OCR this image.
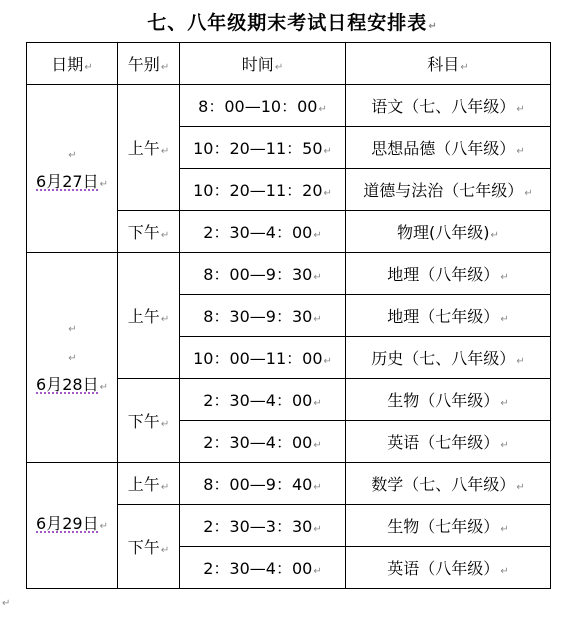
七、八年级期末考试日程安排表↵
日期↵	午别↵	时间↵	科目↵

↵
6月27日↵	上午↵	8：00—10：00↵	语文（七、八年级）↵
		10：20—11：50↵	思想品德（八年级）↵
		10：20—11：20↵	道德与法治（七年级）↵
	下午↵	2：30—4：00↵	物理(八年级)↵

↵
↵
6月28日↵	上午↵	8：00—9：30↵	地理（八年级）↵
		8：30—9：30↵	地理（七年级）↵
		10：00—11：00↵	历史（七、八年级）↵
	下午↵	2：30—4：00↵	生物（八年级）↵
		2：30—4：00↵	英语（七年级）↵

6月29日↵	上午↵	8：00—9：40↵	数学（七、八年级）↵
	下午↵	2：30—3：30↵	生物（七年级）↵
		2：30—4：00↵	英语（八年级）↵
↵
